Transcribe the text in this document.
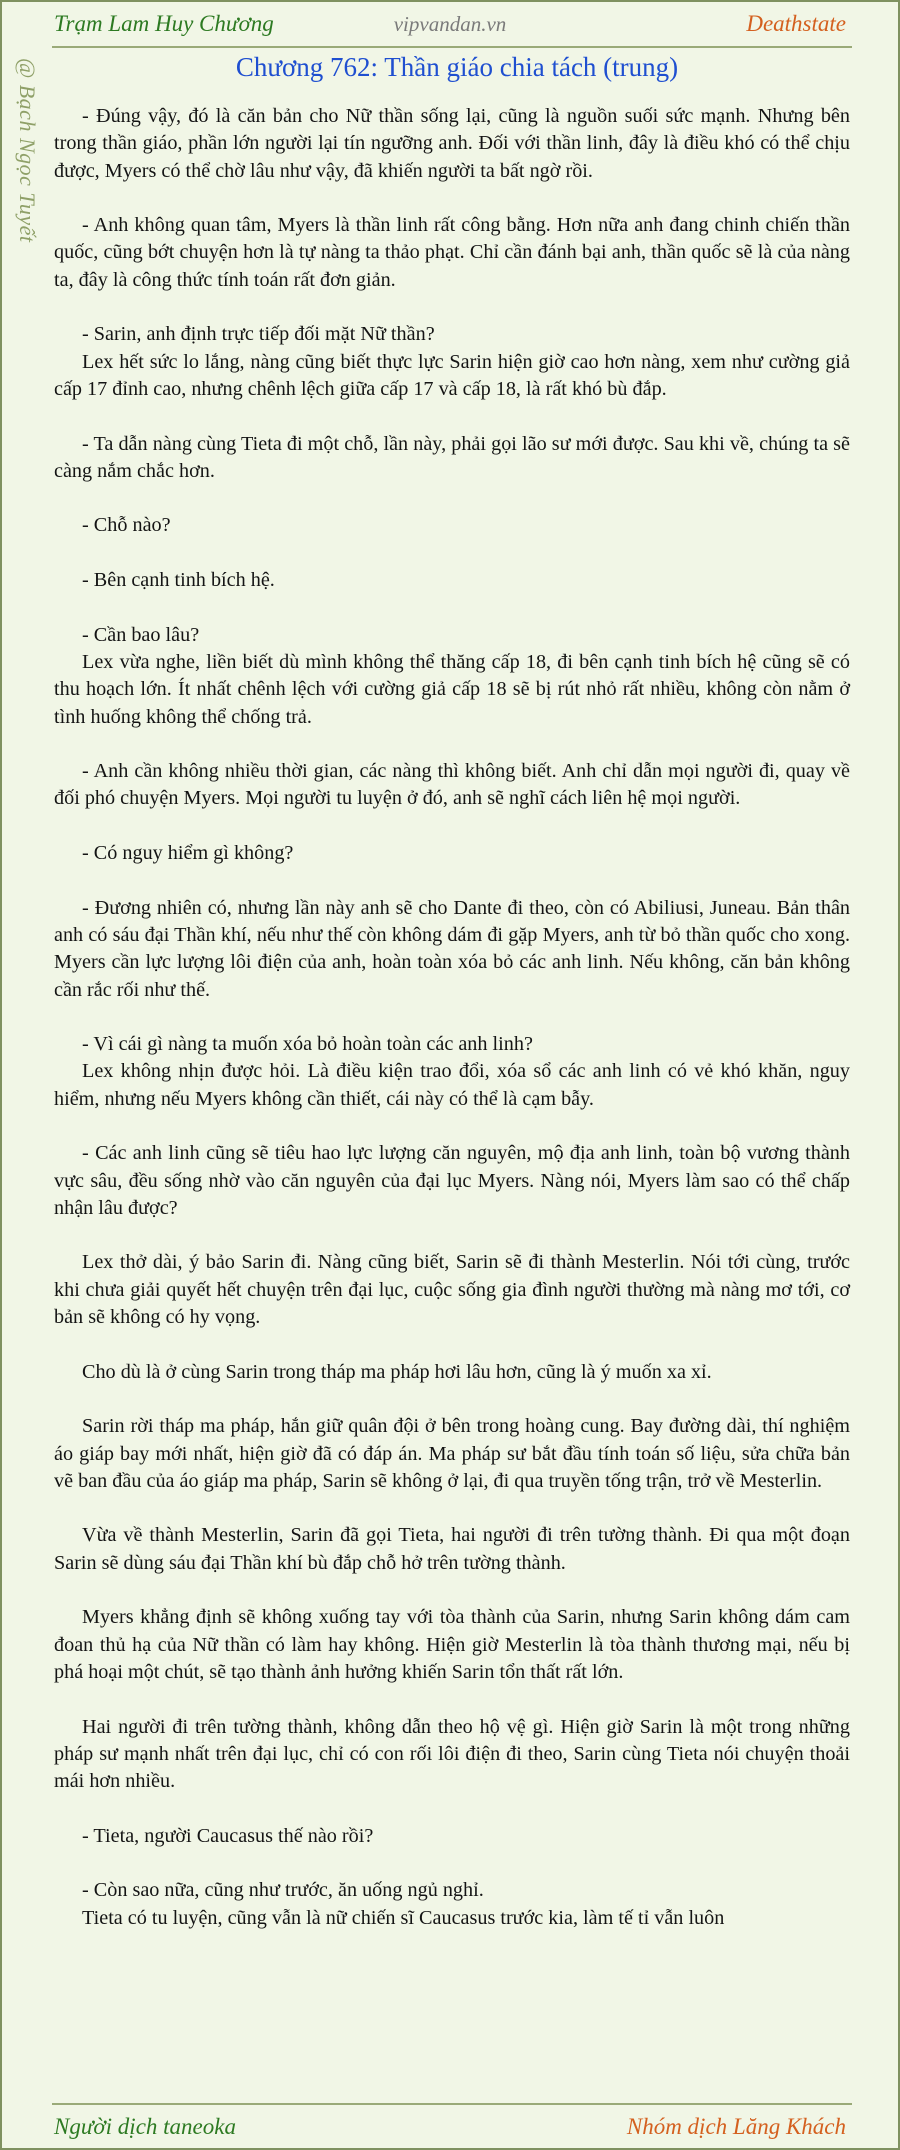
Trạm Lam Huy Chương	vipvandan.vn	Deathstate
@ Bạch Ngọc Tuyết	Chương 762: Thần giáo chia tách (trung)

- Đúng vậy, đó là căn bản cho Nữ thần sống lại, cũng là nguồn suối sức mạnh. Nhưng bên trong thần giáo, phần lớn người lại tín ngưỡng anh. Đối với thần linh, đây là điều khó có thể chịu được, Myers có thể chờ lâu như vậy, đã khiến người ta bất ngờ rồi.

- Anh không quan tâm, Myers là thần linh rất công bằng. Hơn nữa anh đang chinh chiến thần quốc, cũng bớt chuyện hơn là tự nàng ta thảo phạt. Chỉ cần đánh bại anh, thần quốc sẽ là của nàng ta, đây là công thức tính toán rất đơn giản.

- Sarin, anh định trực tiếp đối mặt Nữ thần?

Lex hết sức lo lắng, nàng cũng biết thực lực Sarin hiện giờ cao hơn nàng, xem như cường giả cấp 17 đỉnh cao, nhưng chênh lệch giữa cấp 17 và cấp 18, là rất khó bù đắp.

- Ta dẫn nàng cùng Tieta đi một chỗ, lần này, phải gọi lão sư mới được. Sau khi về, chúng ta sẽ càng nắm chắc hơn.

- Chỗ nào?

- Bên cạnh tinh bích hệ.

- Cần bao lâu?

Lex vừa nghe, liền biết dù mình không thể thăng cấp 18, đi bên cạnh tinh bích hệ cũng sẽ có thu hoạch lớn. Ít nhất chênh lệch với cường giả cấp 18 sẽ bị rút nhỏ rất nhiều, không còn nằm ở tình huống không thể chống trả.

- Anh cần không nhiều thời gian, các nàng thì không biết. Anh chỉ dẫn mọi người đi, quay về đối phó chuyện Myers. Mọi người tu luyện ở đó, anh sẽ nghĩ cách liên hệ mọi người.

- Có nguy hiểm gì không?

- Đương nhiên có, nhưng lần này anh sẽ cho Dante đi theo, còn có Abiliusi, Juneau. Bản thân anh có sáu đại Thần khí, nếu như thế còn không dám đi gặp Myers, anh từ bỏ thần quốc cho xong. Myers cần lực lượng lôi điện của anh, hoàn toàn xóa bỏ các anh linh. Nếu không, căn bản không cần rắc rối như thế.

- Vì cái gì nàng ta muốn xóa bỏ hoàn toàn các anh linh?

Lex không nhịn được hỏi. Là điều kiện trao đổi, xóa sổ các anh linh có vẻ khó khăn, nguy hiểm, nhưng nếu Myers không cần thiết, cái này có thể là cạm bẫy.

- Các anh linh cũng sẽ tiêu hao lực lượng căn nguyên, mộ địa anh linh, toàn bộ vương thành vực sâu, đều sống nhờ vào căn nguyên của đại lục Myers. Nàng nói, Myers làm sao có thể chấp nhận lâu được?

Lex thở dài, ý bảo Sarin đi. Nàng cũng biết, Sarin sẽ đi thành Mesterlin. Nói tới cùng, trước khi chưa giải quyết hết chuyện trên đại lục, cuộc sống gia đình người thường mà nàng mơ tới, cơ bản sẽ không có hy vọng.

Cho dù là ở cùng Sarin trong tháp ma pháp hơi lâu hơn, cũng là ý muốn xa xỉ.

Sarin rời tháp ma pháp, hắn giữ quân đội ở bên trong hoàng cung. Bay đường dài, thí nghiệm áo giáp bay mới nhất, hiện giờ đã có đáp án. Ma pháp sư bắt đầu tính toán số liệu, sửa chữa bản vẽ ban đầu của áo giáp ma pháp, Sarin sẽ không ở lại, đi qua truyền tống trận, trở về Mesterlin.

Vừa về thành Mesterlin, Sarin đã gọi Tieta, hai người đi trên tường thành. Đi qua một đoạn Sarin sẽ dùng sáu đại Thần khí bù đắp chỗ hở trên tường thành.

Myers khẳng định sẽ không xuống tay với tòa thành của Sarin, nhưng Sarin không dám cam đoan thủ hạ của Nữ thần có làm hay không. Hiện giờ Mesterlin là tòa thành thương mại, nếu bị phá hoại một chút, sẽ tạo thành ảnh hưởng khiến Sarin tổn thất rất lớn.

Hai người đi trên tường thành, không dẫn theo hộ vệ gì. Hiện giờ Sarin là một trong những pháp sư mạnh nhất trên đại lục, chỉ có con rối lôi điện đi theo, Sarin cùng Tieta nói chuyện thoải mái hơn nhiều.

- Tieta, người Caucasus thế nào rồi?

- Còn sao nữa, cũng như trước, ăn uống ngủ nghỉ.

Tieta có tu luyện, cũng vẫn là nữ chiến sĩ Caucasus trước kia, làm tế tỉ vẫn luôn

Người dịch taneoka	Nhóm dịch Lăng Khách
